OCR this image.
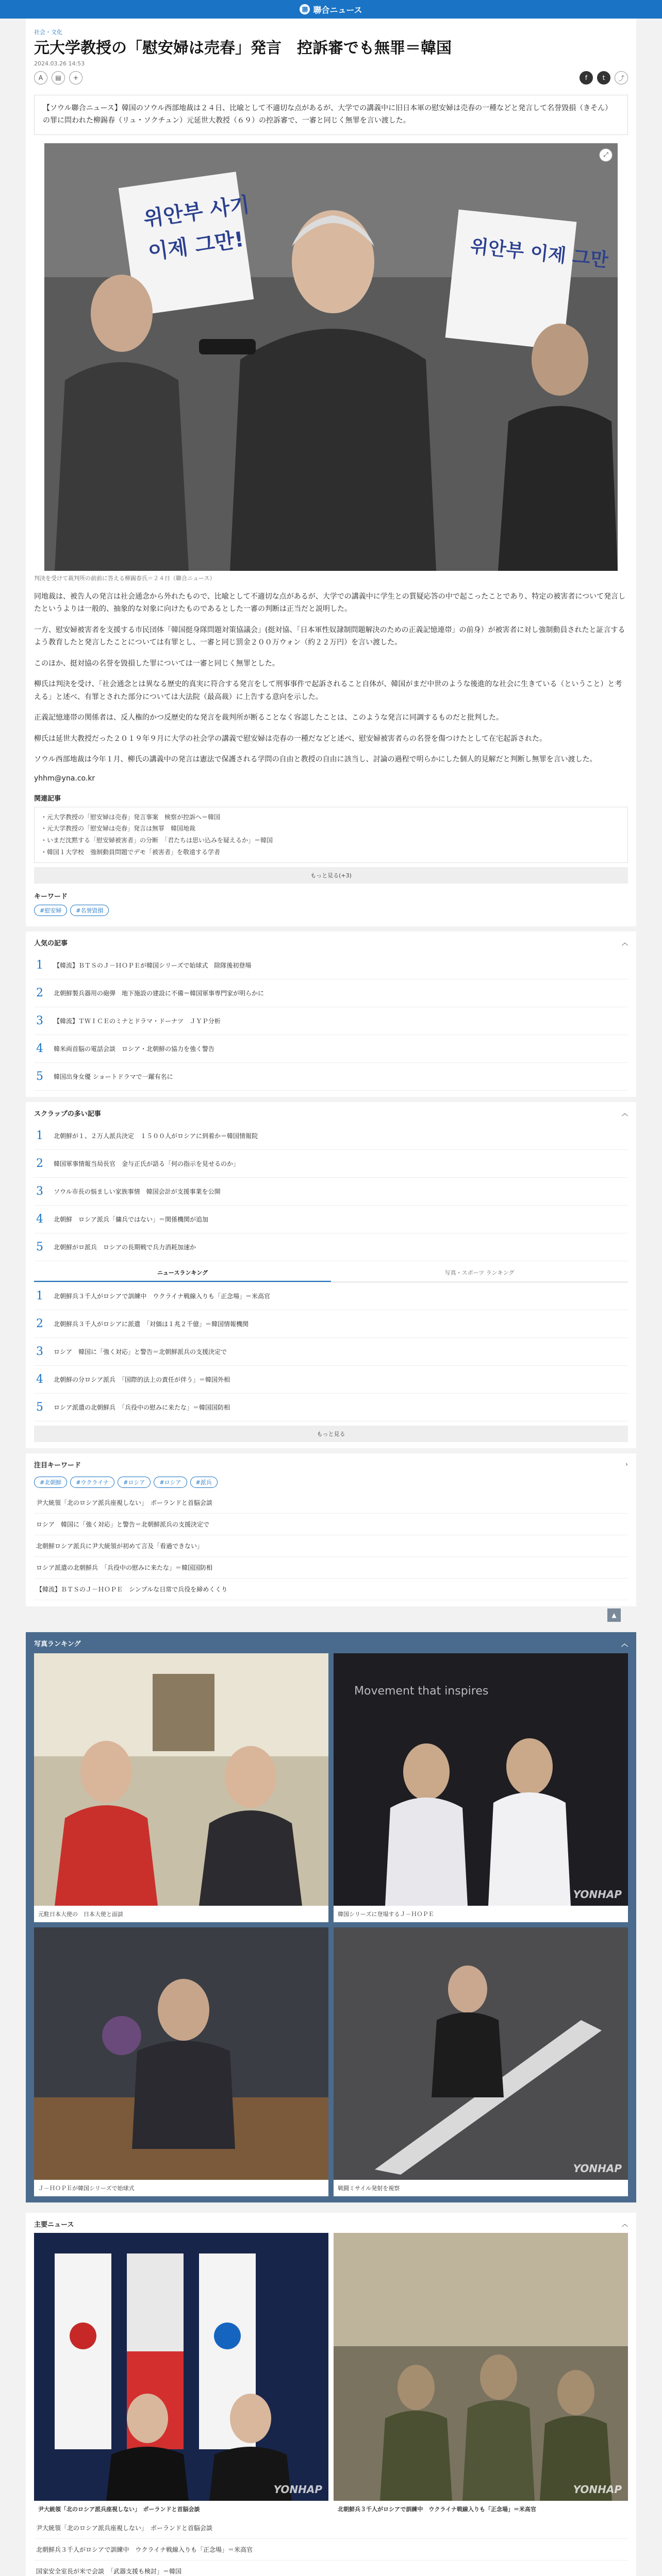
聯 聯合ニュース
社会・文化
元大学教授の「慰安婦は売春」発言　控訴審でも無罪＝韓国
2024.03.26 14:53
A	▤	+	f	t	⤴

【ソウル聯合ニュース】韓国のソウル西部地裁は２４日、比喩として不適切な点があるが、大学での講義中に旧日本軍の慰安婦は売春の一種などと発言して名誉毀損（きそん）の罪に問われた柳錫春（リュ・ソクチュン）元延世大教授（６９）の控訴審で、一審と同じく無罪を言い渡した。

위안부 사기
이제 그만!	위안부 이제 그만
⤢
判決を受けて裁判所の前前に答える柳錫春氏＝２４日（聯合ニュース）

同地裁は、被告人の発言は社会通念から外れたもので、比喩として不適切な点があるが、大学での講義中に学生との質疑応答の中で起こったことであり、特定の被害者について発言したというよりは一般的、抽象的な対象に向けたものであるとした一審の判断は正当だと説明した。

一方、慰安婦被害者を支援する市民団体「韓国挺身隊問題対策協議会」(挺対協、「日本軍性奴隷制問題解決のための正義記憶連帯」の前身）が被害者に対し強制動員されたと証言するよう教育したと発言したことについては有罪とし、一審と同じ罰金２００万ウォン（約２２万円）を言い渡した。

このほか、挺対協の名誉を毀損した罪については一審と同じく無罪とした。

柳氏は判決を受け、「社会通念とは異なる歴史的真実に符合する発言をして刑事事件で起訴されること自体が、韓国がまだ中世のような後進的な社会に生きている（ということ）と考える」と述べ、有罪とされた部分については大法院（最高裁）に上告する意向を示した。

正義記憶連帯の関係者は、反人権的かつ反歴史的な発言を裁判所が断ることなく容認したことは、このような発言に同調するものだと批判した。

柳氏は延世大教授だった２０１９年９月に大学の社会学の講義で慰安婦は売春の一種だなどと述べ、慰安婦被害者らの名誉を傷つけたとして在宅起訴された。

ソウル西部地裁は今年１月、柳氏の講義中の発言は憲法で保護される学問の自由と教授の自由に該当し、討論の過程で明らかにした個人的見解だと判断し無罪を言い渡した。

yhhm@yna.co.kr
関連記事
・元大学教授の「慰安婦は売春」発言事案　検察が控訴へ＝韓国
・元大学教授の「慰安婦は売春」発言は無罪　韓国地裁
・いまだ沈黙する「慰安婦被害者」の分断　「君たちは思い込みを疑えるか」＝韓国
・韓国１大学校　強制動員問題でデモ「被害者」を敬遠する学者
もっと見る(+3)
キーワード
#慰安婦	#名誉毀損
人気の記事	︿
1	【韓流】ＢＴＳのＪ－ＨＯＰＥが韓国シリーズで始球式　除隊後初登場
2	北朝鮮製兵器用の砲弾　地下施設の建設に不備＝韓国軍事専門家が明らかに
3	【韓流】ＴＷＩＣＥのミナとドラマ・ドーナツ　ＪＹＰ分析
4	韓米両首脳の電話会談　ロシア・北朝鮮の協力を強く警告
5	韓国出身女優 ショートドラマで一躍有名に
スクラップの多い記事	︿
1	北朝鮮が１、２万人派兵決定　１５００人がロシアに到着か＝韓国情報院
2	韓国軍事情報当局長官　金与正氏が語る「何の指示を見せるのか」
3	ソウル市長の悩ましい家族事情　韓国会計が支援事業を公開
4	北朝鮮　ロシア派兵「傭兵ではない」＝関係機関が追加
5	北朝鮮がロ派兵　ロシアの長期戦で兵力消耗加速か
ニュースランキング	写真・スポーツ ランキング
1	北朝鮮兵３千人がロシアで訓練中　ウクライナ戦線入りも「正念場」＝米高官
2	北朝鮮兵３千人がロシアに派遣　「対価は１兆２千億」＝韓国情報機関
3	ロシア　韓国に「強く対応」と警告＝北朝鮮派兵の支援決定で
4	北朝鮮の分ロシア派兵　「国際的法上の責任が伴う」＝韓国外相
5	ロシア派遣の北朝鮮兵　「兵役中の慰みに来たな」＝韓国国防相
もっと見る
注目キーワード	›
#北朝鮮	#ウクライナ	#ロシア	#ロシア	#派兵
尹大統領「北のロシア派兵座視しない」　ポーランドと首脳会談
ロシア　韓国に「強く対応」と警告＝北朝鮮派兵の支援決定で
北朝鮮ロシア派兵に尹大統領が初めて言及「看過できない」
ロシア派遣の北朝鮮兵　「兵役中の慰みに来たな」＝韓国国防相
【韓流】ＢＴＳのＪ－ＨＯＰＥ　シンプルな日常で兵役を締めくくり
▲
写真ランキング	︿
元駐日本大使の　日本大使と面談
Movement that inspires
YONHAP
韓国シリーズに登場するＪ－ＨＯＰＥ
Ｊ－ＨＯＰＥが韓国シリーズで始球式
YONHAP
戦闘ミサイル発射を視察
主要ニュース	︿
YONHAP
尹大統領「北のロシア派兵座視しない」　ポーランドと首脳会談
YONHAP
北朝鮮兵３千人がロシアで訓練中　ウクライナ戦線入りも「正念場」＝米高官
尹大統領「北のロシア派兵座視しない」　ポーランドと首脳会談
北朝鮮兵３千人がロシアで訓練中　ウクライナ戦線入りも「正念場」＝米高官
国家安全室長が米で会談　「武器支援も検討」＝韓国
